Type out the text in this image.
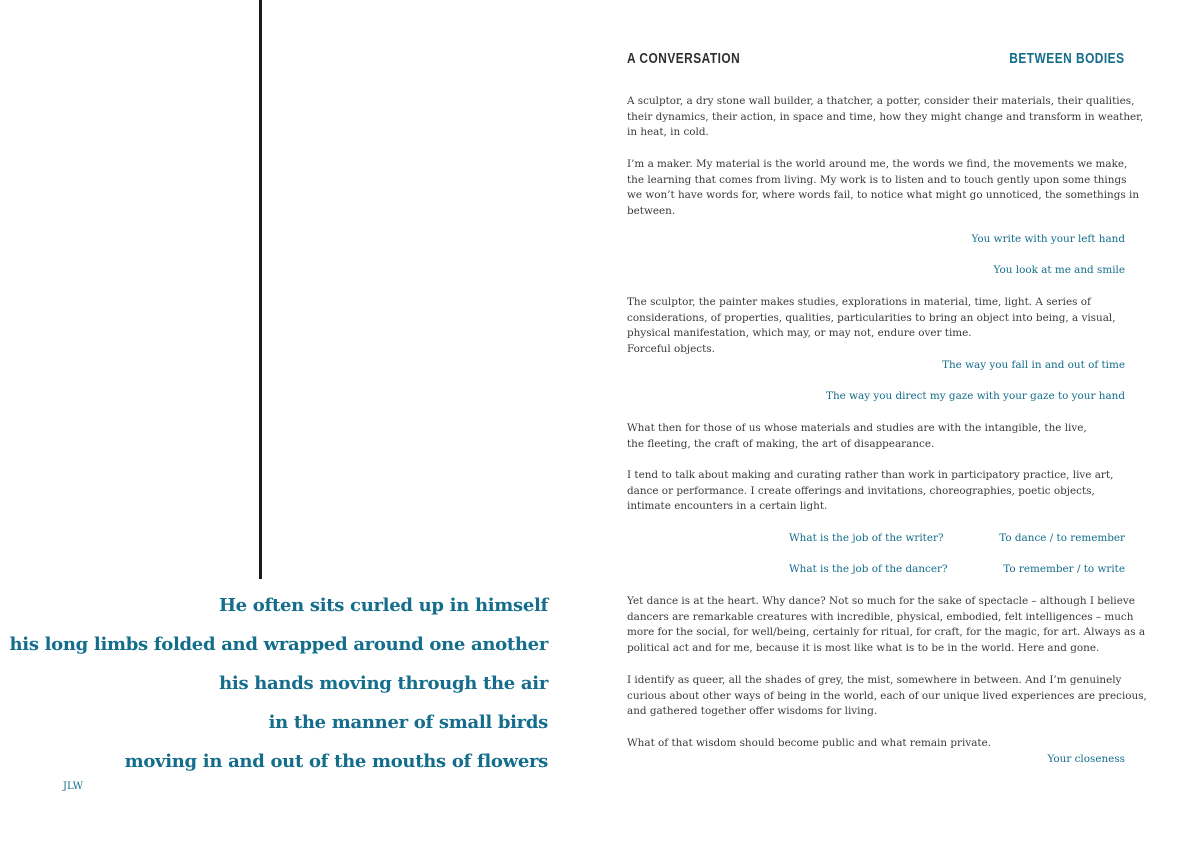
He often sits curled up in himself
his long limbs folded and wrapped around one another
his hands moving through the air
in the manner of small birds
moving in and out of the mouths of flowers
JLW
A CONVERSATION	BETWEEN BODIES
A sculptor, a dry stone wall builder, a thatcher, a potter, consider their materials, their qualities,
their dynamics, their action, in space and time, how they might change and transform in weather,
in heat, in cold.
I’m a maker. My material is the world around me, the words we find, the movements we make,
the learning that comes from living. My work is to listen and to touch gently upon some things
we won’t have words for, where words fail, to notice what might go unnoticed, the somethings in
between.
You write with your left hand
You look at me and smile
The sculptor, the painter makes studies, explorations in material, time, light. A series of
considerations, of properties, qualities, particularities to bring an object into being, a visual,
physical manifestation, which may, or may not, endure over time.
Forceful objects.
The way you fall in and out of time
The way you direct my gaze with your gaze to your hand
What then for those of us whose materials and studies are with the intangible, the live,
the fleeting, the craft of making, the art of disappearance.
I tend to talk about making and curating rather than work in participatory practice, live art,
dance or performance. I create offerings and invitations, choreographies, poetic objects,
intimate encounters in a certain light.
What is the job of the writer?	To dance / to remember
What is the job of the dancer?	To remember / to write
Yet dance is at the heart. Why dance? Not so much for the sake of spectacle – although I believe
dancers are remarkable creatures with incredible, physical, embodied, felt intelligences – much
more for the social, for well/being, certainly for ritual, for craft, for the magic, for art. Always as a
political act and for me, because it is most like what is to be in the world. Here and gone.
I identify as queer, all the shades of grey, the mist, somewhere in between. And I’m genuinely
curious about other ways of being in the world, each of our unique lived experiences are precious,
and gathered together offer wisdoms for living.
What of that wisdom should become public and what remain private.
Your closeness
